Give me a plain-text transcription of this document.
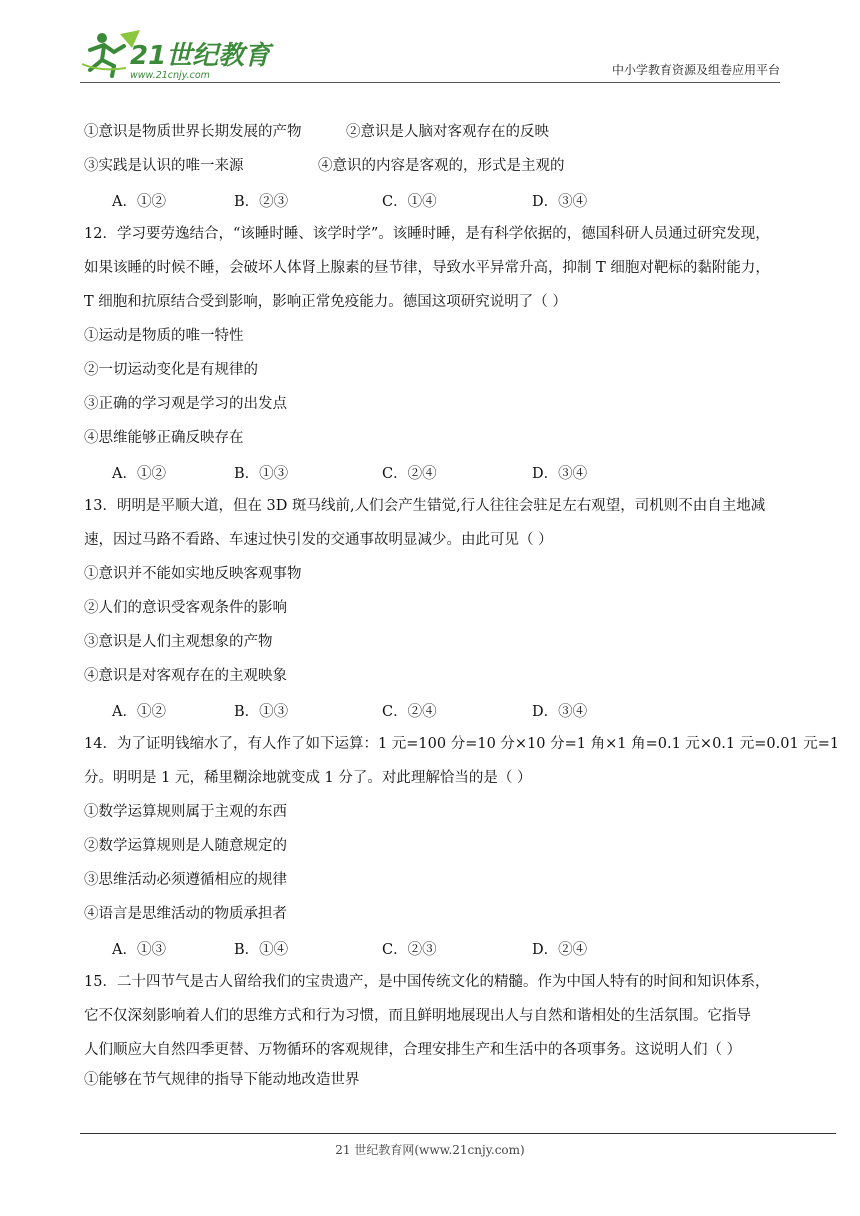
21世纪教育
www.21cnjy.com	中小学教育资源及组卷应用平台
①意识是物质世界长期发展的产物	②意识是人脑对客观存在的反映
③实践是认识的唯一来源	④意识的内容是客观的，形式是主观的
A．①②	B．②③	C．①④	D．③④
12．学习要劳逸结合，“该睡时睡、该学时学”。该睡时睡，是有科学依据的，德国科研人员通过研究发现，
如果该睡的时候不睡，会破坏人体肾上腺素的昼节律，导致水平异常升高，抑制 T 细胞对靶标的黏附能力，
T 细胞和抗原结合受到影响，影响正常免疫能力。德国这项研究说明了（ ）
①运动是物质的唯一特性
②一切运动变化是有规律的
③正确的学习观是学习的出发点
④思维能够正确反映存在
A．①②	B．①③	C．②④	D．③④
13．明明是平顺大道，但在 3D 斑马线前,人们会产生错觉,行人往往会驻足左右观望，司机则不由自主地减
速，因过马路不看路、车速过快引发的交通事故明显减少。由此可见（ ）
①意识并不能如实地反映客观事物
②人们的意识受客观条件的影响
③意识是人们主观想象的产物
④意识是对客观存在的主观映象
A．①②	B．①③	C．②④	D．③④
14．为了证明钱缩水了，有人作了如下运算：1 元=100 分=10 分×10 分=1 角×1 角=0.1 元×0.1 元=0.01 元=1
分。明明是 1 元，稀里糊涂地就变成 1 分了。对此理解恰当的是（ ）
①数学运算规则属于主观的东西
②数学运算规则是人随意规定的
③思维活动必须遵循相应的规律
④语言是思维活动的物质承担者
A．①③	B．①④	C．②③	D．②④
15．二十四节气是古人留给我们的宝贵遗产，是中国传统文化的精髓。作为中国人特有的时间和知识体系，
它不仅深刻影响着人们的思维方式和行为习惯，而且鲜明地展现出人与自然和谐相处的生活氛围。它指导
人们顺应大自然四季更替、万物循环的客观规律，合理安排生产和生活中的各项事务。这说明人们（ ）
①能够在节气规律的指导下能动地改造世界
21 世纪教育网(www.21cnjy.com)
